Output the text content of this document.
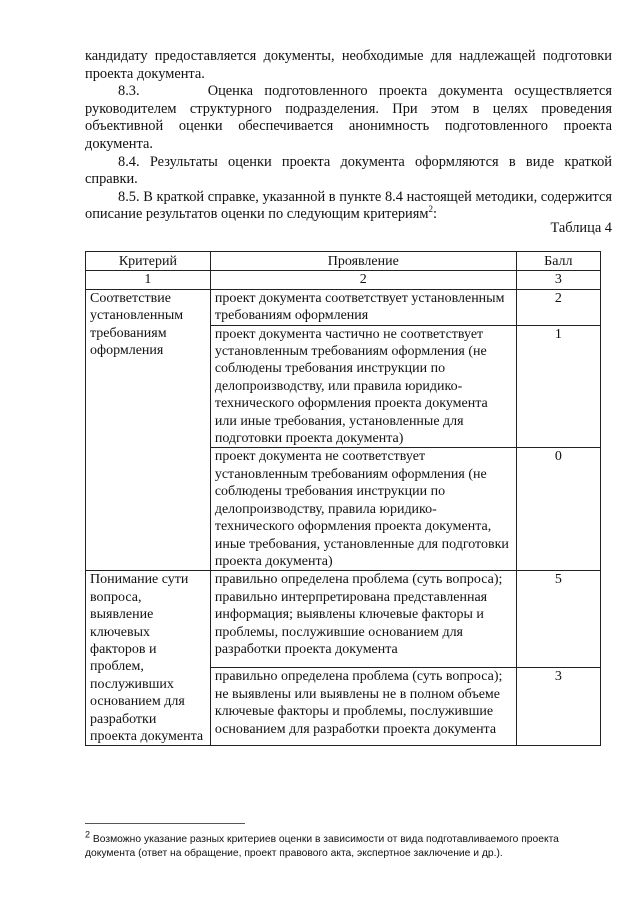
кандидату предоставляется документы, необходимые для надлежащей подготовки проекта документа.

8.3.	Оценка подготовленного проекта документа осуществляется руководителем структурного подразделения. При этом в целях проведения объективной оценки обеспечивается анонимность подготовленного проекта документа.

8.4. Результаты оценки проекта документа оформляются в виде краткой справки.

8.5. В краткой справке, указанной в пункте 8.4 настоящей методики, содержится описание результатов оценки по следующим критериям$^2$:

Таблица 4
Критерий	Проявление	Балл
1	2	3
Соответствие установленным требованиям оформления	проект документа соответствует установленным требованиям оформления	2
	проект документа частично не соответствует установленным требованиям оформления (не соблюдены требования инструкции по делопроизводству, или правила юридико-технического оформления проекта документа или иные требования, установленные для подготовки проекта документа)	1
	проект документа не соответствует установленным требованиям оформления (не соблюдены требования инструкции по делопроизводству, правила юридико-технического оформления проекта документа, иные требования, установленные для подготовки проекта документа)	0
Понимание сути вопроса, выявление ключевых факторов и проблем, послуживших основанием для разработки проекта документа	правильно определена проблема (суть вопроса); правильно интерпретирована представленная информация; выявлены ключевые факторы и проблемы, послужившие основанием для разработки проекта документа	5
	правильно определена проблема (суть вопроса); не выявлены или выявлены не в полном объеме ключевые факторы и проблемы, послужившие основанием для разработки проекта документа	3
$^2$ Возможно указание разных критериев оценки в зависимости от вида подготавливаемого проекта документа (ответ на обращение, проект правового акта, экспертное заключение и др.).
